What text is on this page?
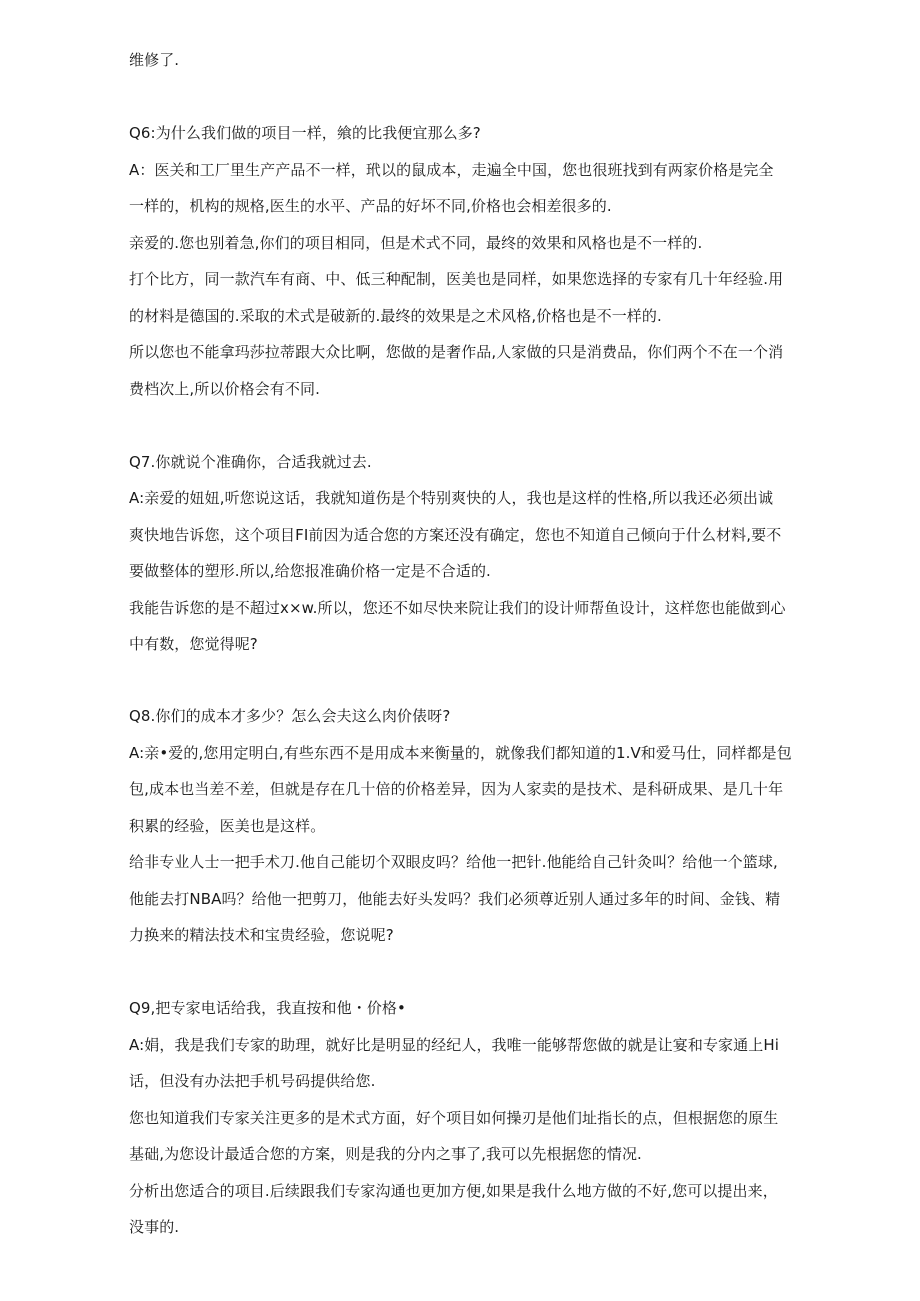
维修了.
Q6:为什么我们做的项目一样，飨的比我便宜那么多?
A：医关和工厂里生产产品不一样，玳以的鼠成本，走遍全中国，您也很班找到有两家价格是完全
一样的，机构的规格,医生的水平、产品的好坏不同,价格也会相差很多的.
亲爱的.您也别着急,你们的项目相同，但是术式不同，最终的效果和风格也是不一样的.
打个比方，同一款汽车有商、中、低三种配制，医美也是同样，如果您选择的专家有几十年经验.用
的材料是德国的.采取的术式是破新的.最终的效果是之术风格,价格也是不一样的.
所以您也不能拿玛莎拉蒂跟大众比啊，您做的是奢作品,人家做的只是消费品，你们两个不在一个消
费档次上,所以价格会有不同.
Q7.你就说个准确你，合适我就过去.
A:亲爱的妞妞,听您说这话，我就知道伤是个特别爽快的人，我也是这样的性格,所以我还必须出诚
爽快地告诉您，这个项目FI前因为适合您的方案还没有确定，您也不知道自己倾向于什么材料,要不
要做整体的塑形.所以,给您报准确价格一定是不合适的.
我能告诉您的是不超过x×w.所以，您还不如尽快来院让我们的设计师帮鱼设计，这样您也能做到心
中有数，您觉得呢?
Q8.你们的成本才多少？怎么会夫这么肉价俵呀?
A:亲•爱的,您用定明白,有些东西不是用成本来衡量的，就像我们都知道的1.V和爱马仕，同样都是包
包,成本也当差不差，但就是存在几十倍的价格差异，因为人家卖的是技术、是科研成果、是几十年
积累的经验，医美也是这样。
给非专业人士一把手术刀.他自己能切个双眼皮吗？给他一把针.他能给自己针灸叫？给他一个篮球,
他能去打NBA吗？给他一把剪刀，他能去好头发吗？我们必须尊近别人通过多年的时间、金钱、精
力换来的精法技术和宝贵经验，您说呢?
Q9,把专家电话给我，我直按和他・价格•
A:娟，我是我们专家的助理，就好比是明显的经纪人，我唯一能够帮您做的就是让宴和专家通上Hi
话，但没有办法把手机号码提供给您.
您也知道我们专家关注更多的是术式方面，好个项目如何操刃是他们址指长的点，但根据您的原生
基础,为您设计最适合您的方案，则是我的分内之事了,我可以先根据您的情况.
分析出您适合的项目.后续跟我们专家沟通也更加方便,如果是我什么地方做的不好,您可以提出来，
没事的.
